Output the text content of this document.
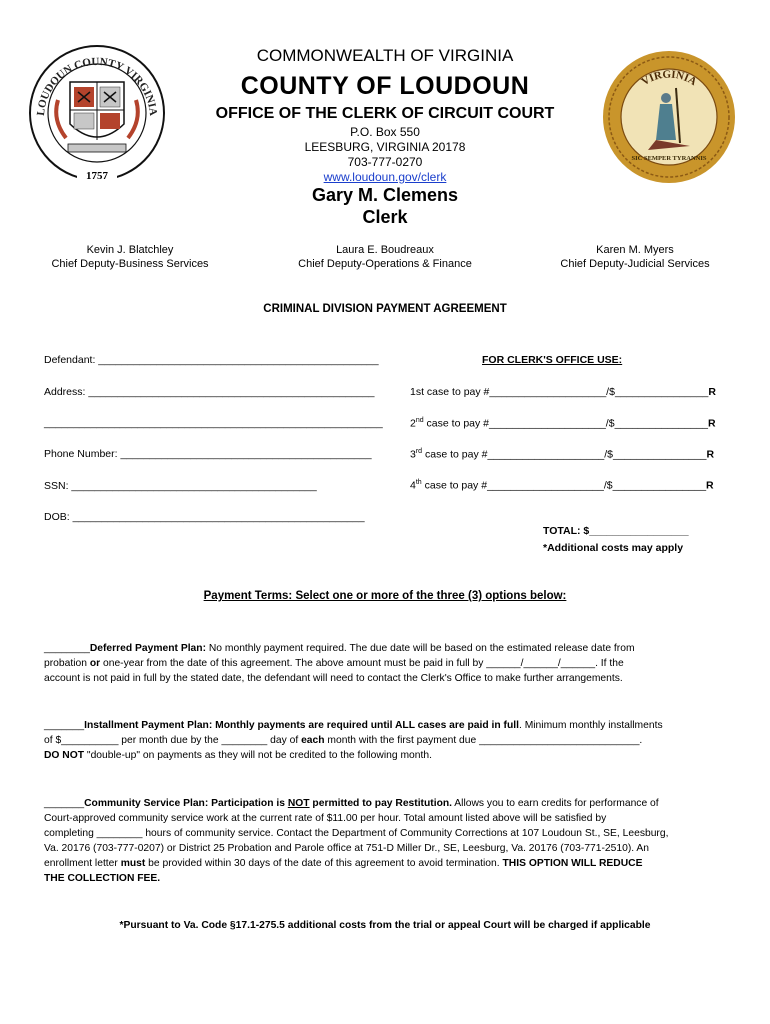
LOUDOUN COUNTY VIRGINIA
1757
VIRGINIA
SIC SEMPER TYRANNIS
COMMONWEALTH OF VIRGINIA
COUNTY OF LOUDOUN
OFFICE OF THE CLERK OF CIRCUIT COURT
P.O. Box 550
LEESBURG, VIRGINIA 20178
703-777-0270
www.loudoun.gov/clerk
Gary M. Clemens
Clerk
Kevin J. Blatchley
Chief Deputy-Business Services
Laura E. Boudreaux
Chief Deputy-Operations & Finance
Karen M. Myers
Chief Deputy-Judicial Services
CRIMINAL DIVISION PAYMENT AGREEMENT
Defendant: ________________________________________________
Address: _________________________________________________
__________________________________________________________
Phone Number: ___________________________________________
SSN: __________________________________________
DOB: __________________________________________________
FOR CLERK'S OFFICE USE:
1st case to pay #____________________/$________________R
2nd case to pay #____________________/$________________R
3rd case to pay #____________________/$________________R
4th case to pay #____________________/$________________R
TOTAL: $_________________
*Additional costs may apply
Payment Terms: Select one or more of the three (3) options below:
________Deferred Payment Plan: No monthly payment required. The due date will be based on the estimated release date from
probation or one-year from the date of this agreement. The above amount must be paid in full by ______/______/______. If the
account is not paid in full by the stated date, the defendant will need to contact the Clerk's Office to make further arrangements.
_______Installment Payment Plan: Monthly payments are required until ALL cases are paid in full. Minimum monthly installments
of $__________ per month due by the ________ day of each month with the first payment due ____________________________.
DO NOT "double-up" on payments as they will not be credited to the following month.
_______Community Service Plan: Participation is NOT permitted to pay Restitution. Allows you to earn credits for performance of
Court-approved community service work at the current rate of $11.00 per hour. Total amount listed above will be satisfied by
completing ________ hours of community service. Contact the Department of Community Corrections at 107 Loudoun St., SE, Leesburg,
Va. 20176 (703-777-0207) or District 25 Probation and Parole office at 751-D Miller Dr., SE, Leesburg, Va. 20176 (703-771-2510). An
enrollment letter must be provided within 30 days of the date of this agreement to avoid termination. THIS OPTION WILL REDUCE
THE COLLECTION FEE.
*Pursuant to Va. Code §17.1-275.5 additional costs from the trial or appeal Court will be charged if applicable
